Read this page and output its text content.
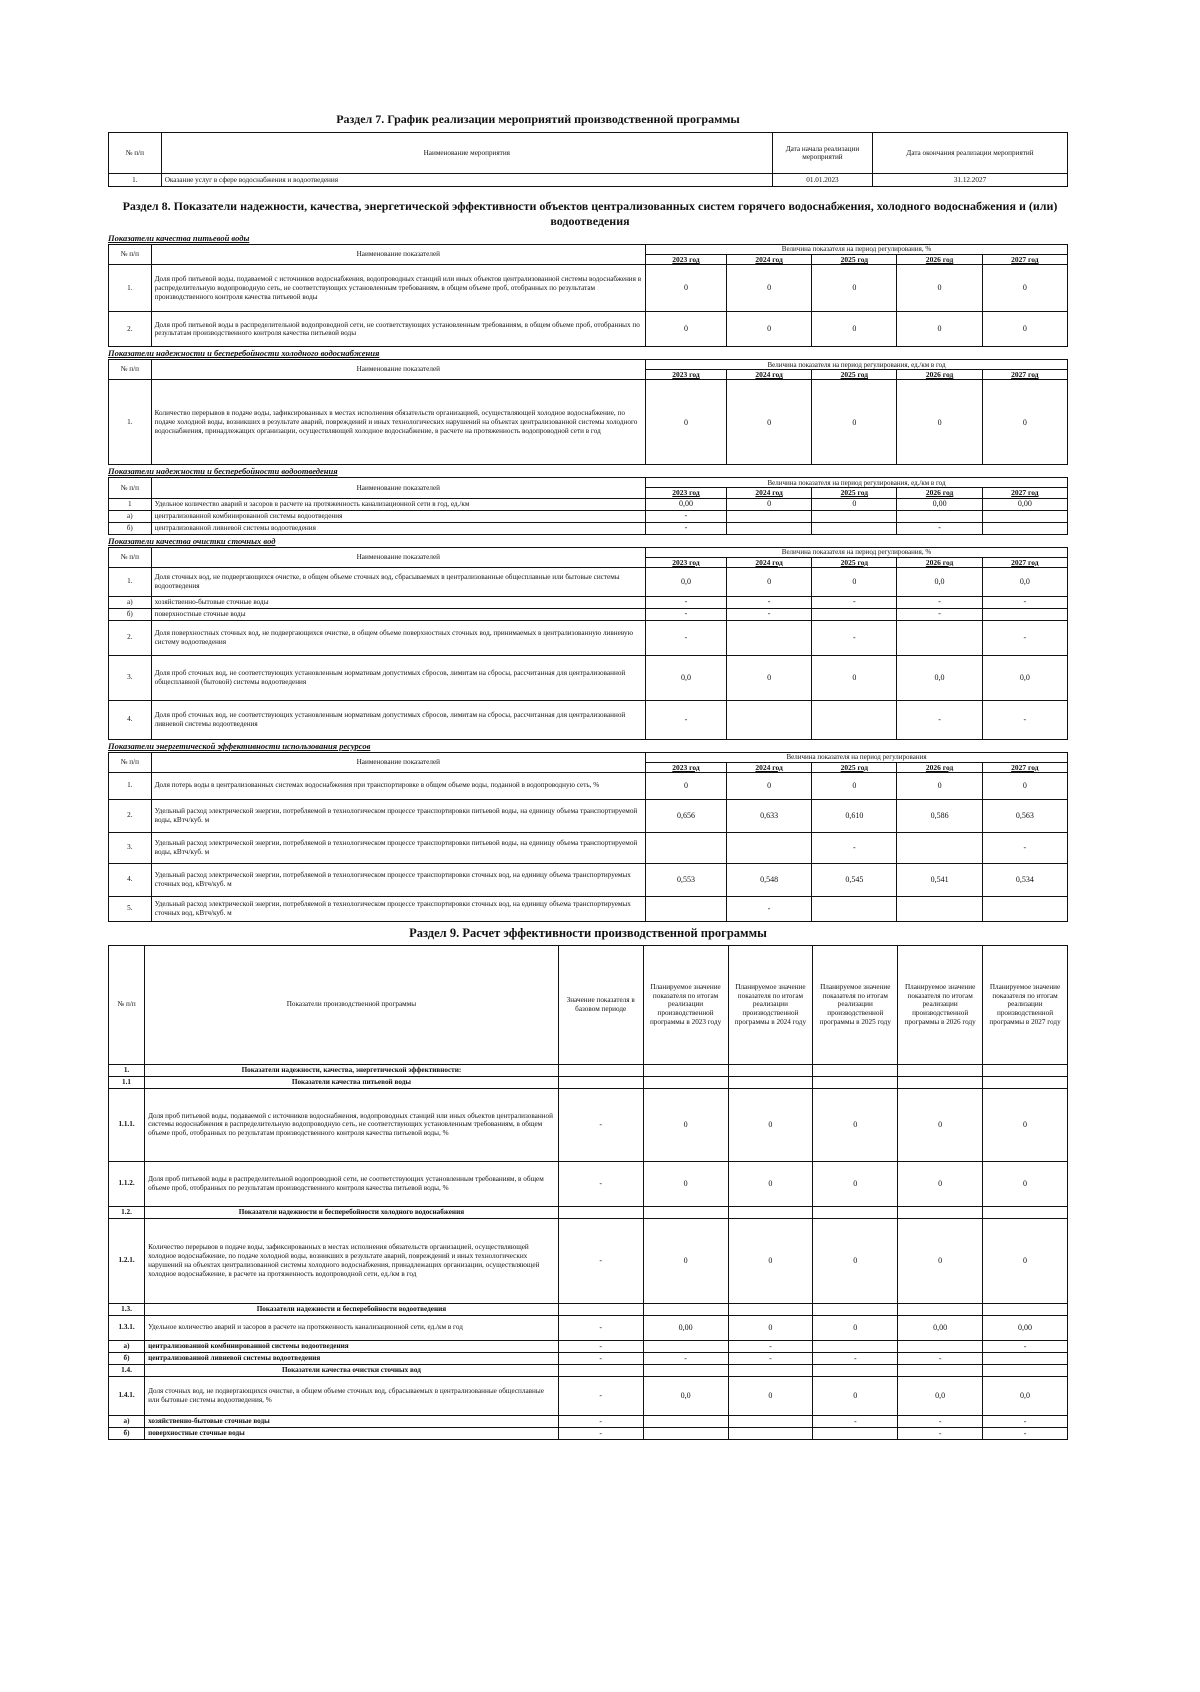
Раздел 7. График реализации мероприятий производственной программы
№ п/п	Наименование мероприятия	Дата начала реализации мероприятий	Дата окончания реализации мероприятий
1.	Оказание услуг в сфере водоснабжения и водоотведения	01.01.2023	31.12.2027
Раздел 8. Показатели надежности, качества, энергетической эффективности объектов централизованных систем горячего водоснабжения, холодного водоснабжения и (или) водоотведения
Показатели качества питьевой воды
№ п/п	Наименование показателей	Величина показателя на период регулирования, %				
		2023 год	2024 год	2025 год	2026 год	2027 год
1.	Доля проб питьевой воды, подаваемой с источников водоснабжения, водопроводных станций или иных объектов централизованной системы водоснабжения в распределительную водопроводную сеть, не соответствующих установленным требованиям, в общем объеме проб, отобранных по результатам производственного контроля качества питьевой воды	0	0	0	0	0
2.	Доля проб питьевой воды в распределительной водопроводной сети, не соответствующих установленным требованиям, в общем объеме проб, отобранных по результатам производственного контроля качества питьевой воды	0	0	0	0	0
Показатели надежности и бесперебойности холодного водоснабжения
№ п/п	Наименование показателей	Величина показателя на период регулирования, ед./км в год				
		2023 год	2024 год	2025 год	2026 год	2027 год
1.	Количество перерывов в подаче воды, зафиксированных в местах исполнения обязательств организацией, осуществляющей холодное водоснабжение, по подаче холодной воды, возникших в результате аварий, повреждений и иных технологических нарушений на объектах централизованной системы холодного водоснабжения, принадлежащих организации, осуществляющей холодное водоснабжение, в расчете на протяженность водопроводной сети в год	0	0	0	0	0
Показатели надежности и бесперебойности водоотведения
№ п/п	Наименование показателей	Величина показателя на период регулирования, ед./км в год				
		2023 год	2024 год	2025 год	2026 год	2027 год
1	Удельное количество аварий и засоров в расчете на протяженность канализационной сети в год, ед./км	0,00	0	0	0,00	0,00
а)	централизованной комбинированной системы водоотведения	-				
б)	централизованной ливневой системы водоотведения	-			-	
Показатели качества очистки сточных вод
№ п/п	Наименование показателей	Величина показателя на период регулирования, %				
		2023 год	2024 год	2025 год	2026 год	2027 год
1.	Доля сточных вод, не подвергающихся очистке, в общем объеме сточных вод, сбрасываемых в централизованные общесплавные или бытовые системы водоотведения	0,0	0	0	0,0	0,0
а)	хозяйственно-бытовые сточные воды	-	-	-	-	-
б)	поверхностные сточные воды	-	-		-	
2.	Доля поверхностных сточных вод, не подвергающихся очистке, в общем объеме поверхностных сточных вод, принимаемых в централизованную ливневую систему водоотведения	-		-		-
3.	Доля проб сточных вод, не соответствующих установленным нормативам допустимых сбросов, лимитам на сбросы, рассчитанная для централизованной общесплавной (бытовой) системы водоотведения	0,0	0	0	0,0	0,0
4.	Доля проб сточных вод, не соответствующих установленным нормативам допустимых сбросов, лимитам на сбросы, рассчитанная для централизованной ливневой системы водоотведения	-			-	-
Показатели энергетической эффективности использования ресурсов
№ п/п	Наименование показателей	Величина показателя на период регулирования				
		2023 год	2024 год	2025 год	2026 год	2027 год
1.	Доля потерь воды в централизованных системах водоснабжения при транспортировке в общем объеме воды, поданной в водопроводную сеть, %	0	0	0	0	0
2.	Удельный расход электрической энергии, потребляемой в технологическом процессе транспортировки питьевой воды, на единицу объема транспортируемой воды, кВтч/куб. м	0,656	0,633	0,610	0,586	0,563
3.	Удельный расход электрической энергии, потребляемой в технологическом процессе транспортировки питьевой воды, на единицу объема транспортируемой воды, кВтч/куб. м			-		-
4.	Удельный расход электрической энергии, потребляемой в технологическом процессе транспортировки сточных вод, на единицу объема транспортируемых сточных вод, кВтч/куб. м	0,553	0,548	0,545	0,541	0,534
5.	Удельный расход электрической энергии, потребляемой в технологическом процессе транспортировки сточных вод, на единицу объема транспортируемых сточных вод, кВтч/куб. м		-			
Раздел 9. Расчет эффективности производственной программы
№ п/п	Показатели производственной программы	Значение показателя в базовом периоде	Планируемое значение показателя по итогам реализации производственной программы в 2023 году	Планируемое значение показателя по итогам реализации производственной программы в 2024 году	Планируемое значение показателя по итогам реализации производственной программы в 2025 году	Планируемое значение показателя по итогам реализации производственной программы в 2026 году	Планируемое значение показателя по итогам реализации производственной программы в 2027 году
1.	Показатели надежности, качества, энергетической эффективности:						
1.1	Показатели качества питьевой воды						
1.1.1.	Доля проб питьевой воды, подаваемой с источников водоснабжения, водопроводных станций или иных объектов централизованной системы водоснабжения в распределительную водопроводную сеть, не соответствующих установленным требованиям, в общем объеме проб, отобранных по результатам производственного контроля качества питьевой воды, %	-	0	0	0	0	0
1.1.2.	Доля проб питьевой воды в распределительной водопроводной сети, не соответствующих установленным требованиям, в общем объеме проб, отобранных по результатам производственного контроля качества питьевой воды, %	-	0	0	0	0	0
1.2.	Показатели надежности и бесперебойности холодного водоснабжения						
1.2.1.	Количество перерывов в подаче воды, зафиксированных в местах исполнения обязательств организацией, осуществляющей холодное водоснабжение, по подаче холодной воды, возникших в результате аварий, повреждений и иных технологических нарушений на объектах централизованной системы холодного водоснабжения, принадлежащих организации, осуществляющей холодное водоснабжение, в расчете на протяженность водопроводной сети, ед./км в год	-	0	0	0	0	0
1.3.	Показатели надежности и бесперебойности водоотведения						
1.3.1.	Удельное количество аварий и засоров в расчете на протяженность канализационной сети, ед./км в год	-	0,00	0	0	0,00	0,00
а)	централизованной комбинированной системы водоотведения	-		-			-
б)	централизованной ливневой системы водоотведения	-	-	-	-	-	
1.4.	Показатели качества очистки сточных вод						
1.4.1.	Доля сточных вод, не подвергающихся очистке, в общем объеме сточных вод, сбрасываемых в централизованные общесплавные или бытовые системы водоотведения, %	-	0,0	0	0	0,0	0,0
а)	хозяйственно-бытовые сточные воды	-			-	-	-
б)	поверхностные сточные воды	-				-	-
